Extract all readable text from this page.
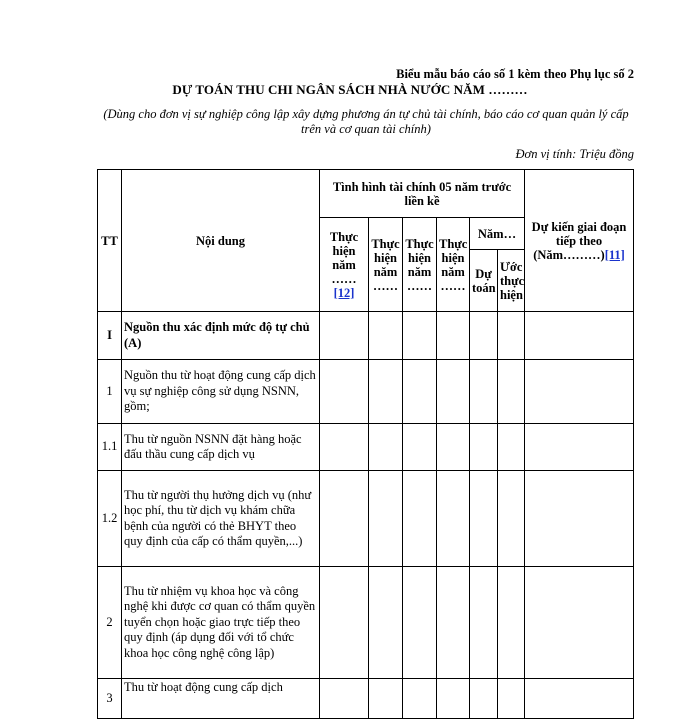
Biểu mẫu báo cáo số 1 kèm theo Phụ lục số 2
DỰ TOÁN THU CHI NGÂN SÁCH NHÀ NƯỚC NĂM ………
(Dùng cho đơn vị sự nghiệp công lập xây dựng phương án tự chủ tài chính, báo cáo cơ quan quản lý cấp trên và cơ quan tài chính)
Đơn vị tính: Triệu đồng
TT	Nội dung	Tình hình tài chính 05 năm trước liền kề						Dự kiến giai đoạn tiếp theo (Năm………)[11]
		Thực hiện năm ……[12]	Thực hiện năm ……	Thực hiện năm ……	Thực hiện năm ……	Năm…		
						Dự toán	Ước thực hiện	
I	Nguồn thu xác định mức độ tự chủ (A)							
1	Nguồn thu từ hoạt động cung cấp dịch vụ sự nghiệp công sử dụng NSNN, gồm;							
1.1	Thu từ nguồn NSNN đặt hàng hoặc đấu thầu cung cấp dịch vụ							
1.2	Thu từ người thụ hưởng dịch vụ (như học phí, thu từ dịch vụ khám chữa bệnh của người có thẻ BHYT theo quy định của cấp có thẩm quyền,...)							
2	Thu từ nhiệm vụ khoa học và công nghệ khi được cơ quan có thẩm quyền tuyển chọn hoặc giao trực tiếp theo quy định (áp dụng đối với tổ chức khoa học công nghệ công lập)							
3	Thu từ hoạt động cung cấp dịch							
